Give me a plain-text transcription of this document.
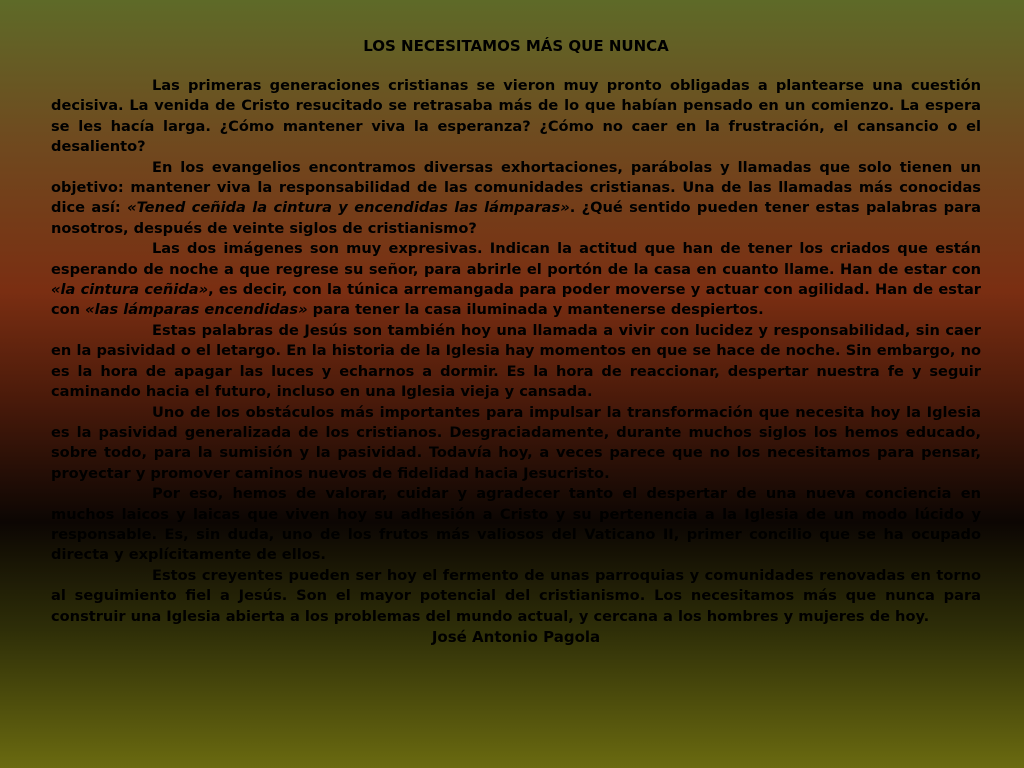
LOS NECESITAMOS MÁS QUE NUNCA

Las primeras generaciones cristianas se vieron muy pronto obligadas a plantearse una cuestión decisiva. La venida de Cristo resucitado se retrasaba más de lo que habían pensado en un comienzo. La espera se les hacía larga. ¿Cómo mantener viva la esperanza? ¿Cómo no caer en la frustración, el cansancio o el desaliento?

En los evangelios encontramos diversas exhortaciones, parábolas y llamadas que solo tienen un objetivo: mantener viva la responsabilidad de las comunidades cristianas. Una de las llamadas más conocidas dice así: «Tened ceñida la cintura y encendidas las lámparas». ¿Qué sentido pueden tener estas palabras para nosotros, después de veinte siglos de cristianismo?

Las dos imágenes son muy expresivas. Indican la actitud que han de tener los criados que están esperando de noche a que regrese su señor, para abrirle el portón de la casa en cuanto llame. Han de estar con «la cintura ceñida», es decir, con la túnica arremangada para poder moverse y actuar con agilidad. Han de estar con «las lámparas encendidas» para tener la casa iluminada y mantenerse despiertos.

Estas palabras de Jesús son también hoy una llamada a vivir con lucidez y responsabilidad, sin caer en la pasividad o el letargo. En la historia de la Iglesia hay momentos en que se hace de noche. Sin embargo, no es la hora de apagar las luces y echarnos a dormir. Es la hora de reaccionar, despertar nuestra fe y seguir caminando hacia el futuro, incluso en una Iglesia vieja y cansada.

Uno de los obstáculos más importantes para impulsar la transformación que necesita hoy la Iglesia es la pasividad generalizada de los cristianos. Desgraciadamente, durante muchos siglos los hemos educado, sobre todo, para la sumisión y la pasividad. Todavía hoy, a veces parece que no los necesitamos para pensar, proyectar y promover caminos nuevos de fidelidad hacia Jesucristo.

Por eso, hemos de valorar, cuidar y agradecer tanto el despertar de una nueva conciencia en muchos laicos y laicas que viven hoy su adhesión a Cristo y su pertenencia a la Iglesia de un modo lúcido y responsable. Es, sin duda, uno de los frutos más valiosos del Vaticano II, primer concilio que se ha ocupado directa y explícitamente de ellos.

Estos creyentes pueden ser hoy el fermento de unas parroquias y comunidades renovadas en torno al seguimiento fiel a Jesús. Son el mayor potencial del cristianismo. Los necesitamos más que nunca para construir una Iglesia abierta a los problemas del mundo actual, y cercana a los hombres y mujeres de hoy.

José Antonio Pagola
